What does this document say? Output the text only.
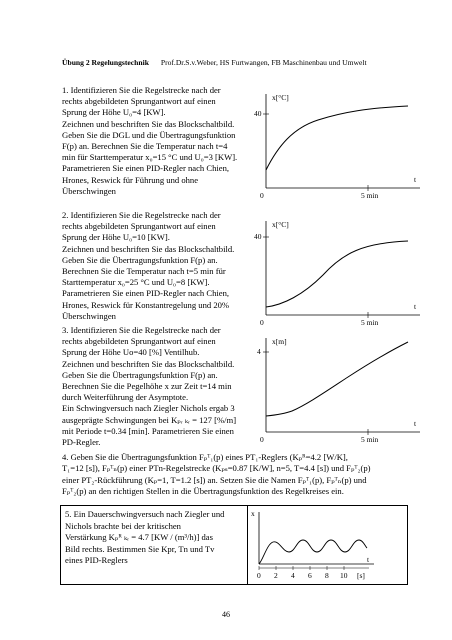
Übung 2 Regelungstechnik Prof.Dr.S.v.Weber, HS Furtwangen, FB Maschinenbau und Umwelt
1. Identifizieren Sie die Regelstrecke nach der
rechts abgebildeten Sprungantwort auf einen
Sprung der Höhe U₀=4 [KW].
Zeichnen und beschriften Sie das Blockschaltbild.
Geben Sie die DGL und die Übertragungsfunktion
F(p) an. Berechnen Sie die Temperatur nach t=4
min für Starttemperatur x₀=15 °C und U₀=3 [KW].
Parametrieren Sie einen PID-Regler nach Chien,
Hrones, Reswick für Führung und ohne
Überschwingen
x[°C]
40
0	5 min
t
2. Identifizieren Sie die Regelstrecke nach der
rechts abgebildeten Sprungantwort auf einen
Sprung der Höhe U₀=10 [KW].
Zeichnen und beschriften Sie das Blockschaltbild.
Geben Sie die Übertragungsfunktion F(p) an.
Berechnen Sie die Temperatur nach t=5 min für
Starttemperatur x₀=25 °C und U₀=8 [KW].
Parametrieren Sie einen PID-Regler nach Chien,
Hrones, Reswick für Konstantregelung und 20%
Überschwingen
x[°C]
40
0	5 min
t
3. Identifizieren Sie die Regelstrecke nach der
rechts abgebildeten Sprungantwort auf einen
Sprung der Höhe Uo=40 [%] Ventilhub.
Zeichnen und beschriften Sie das Blockschaltbild.
Geben Sie die Übertragungsfunktion F(p) an.
Berechnen Sie die Pegelhöhe x zur Zeit t=14 min
durch Weiterführung der Asymptote.
Ein Schwingversuch nach Ziegler Nichols ergab 3
ausgeprägte Schwingungen bei Kₚᵣ ₖᵣ = 127 [%/m]
mit Periode t=0.34 [min]. Parametrieren Sie einen
PD-Regler.
x[m]
4
0	5 min
t
4. Geben Sie die Übertragungsfunktion Fₚᵀ₁(p) eines PT₁-Reglers (Kₚᴿ=4.2 [W/K],
T₁=12 [s]), Fₚᵀₙ(p) einer PTn-Regelstrecke (Kₚₛ=0.87 [K/W], n=5, T=4.4 [s]) und Fₚᵀ₂(p)
einer PT₂-Rückführung (Kₚ=1, T=1.2 [s]) an. Setzen Sie die Namen Fₚᵀ₁(p), Fₚᵀₙ(p) und
Fₚᵀ₂(p) an den richtigen Stellen in die Übertragungsfunktion des Regelkreises ein.
5. Ein Dauerschwingversuch nach Ziegler und
Nichols brachte bei der kritischen
Verstärkung Kₚᴿ ₖᵣ = 4.7 [KW / (m³/h)] das
Bild rechts. Bestimmen Sie Kpr, Tn und Tv
eines PID-Reglers
x
t
0 2 4 6 8 10 [s]
46
